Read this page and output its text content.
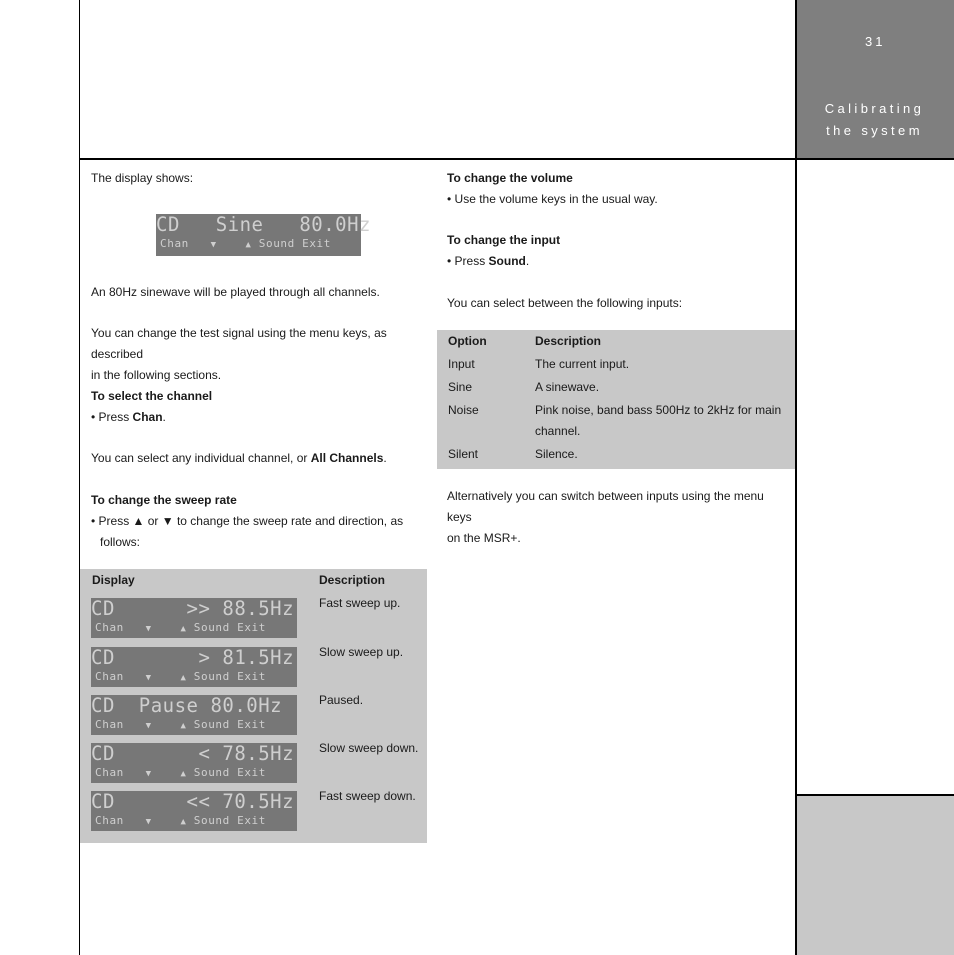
31
Calibrating
the system
The display shows:
CD Sine 80.0Hz
Chan ▼	▲ Sound Exit
An 80Hz sinewave will be played through all channels.
You can change the test signal using the menu keys, as described
in the following sections.
To select the channel
• Press Chan.
You can select any individual channel, or All Channels.
To change the sweep rate
• Press ▲ or ▼ to change the sweep rate and direction, as
follows:
Display	Description
CD	>> 88.5Hz
Chan ▼	▲ Sound Exit
Fast sweep up.
CD	> 81.5Hz
Chan ▼	▲ Sound Exit
Slow sweep up.
CD Pause 80.0Hz
Chan ▼	▲ Sound Exit
Paused.
CD	< 78.5Hz
Chan ▼	▲ Sound Exit
Slow sweep down.
CD	<< 70.5Hz
Chan ▼	▲ Sound Exit
Fast sweep down.
To change the volume
• Use the volume keys in the usual way.
To change the input
• Press Sound.
You can select between the following inputs:
Option	Description
Input	The current input.
Sine	A sinewave.
Noise	Pink noise, band bass 500Hz to 2kHz for main
channel.
Silent	Silence.
Alternatively you can switch between inputs using the menu keys
on the MSR+.
